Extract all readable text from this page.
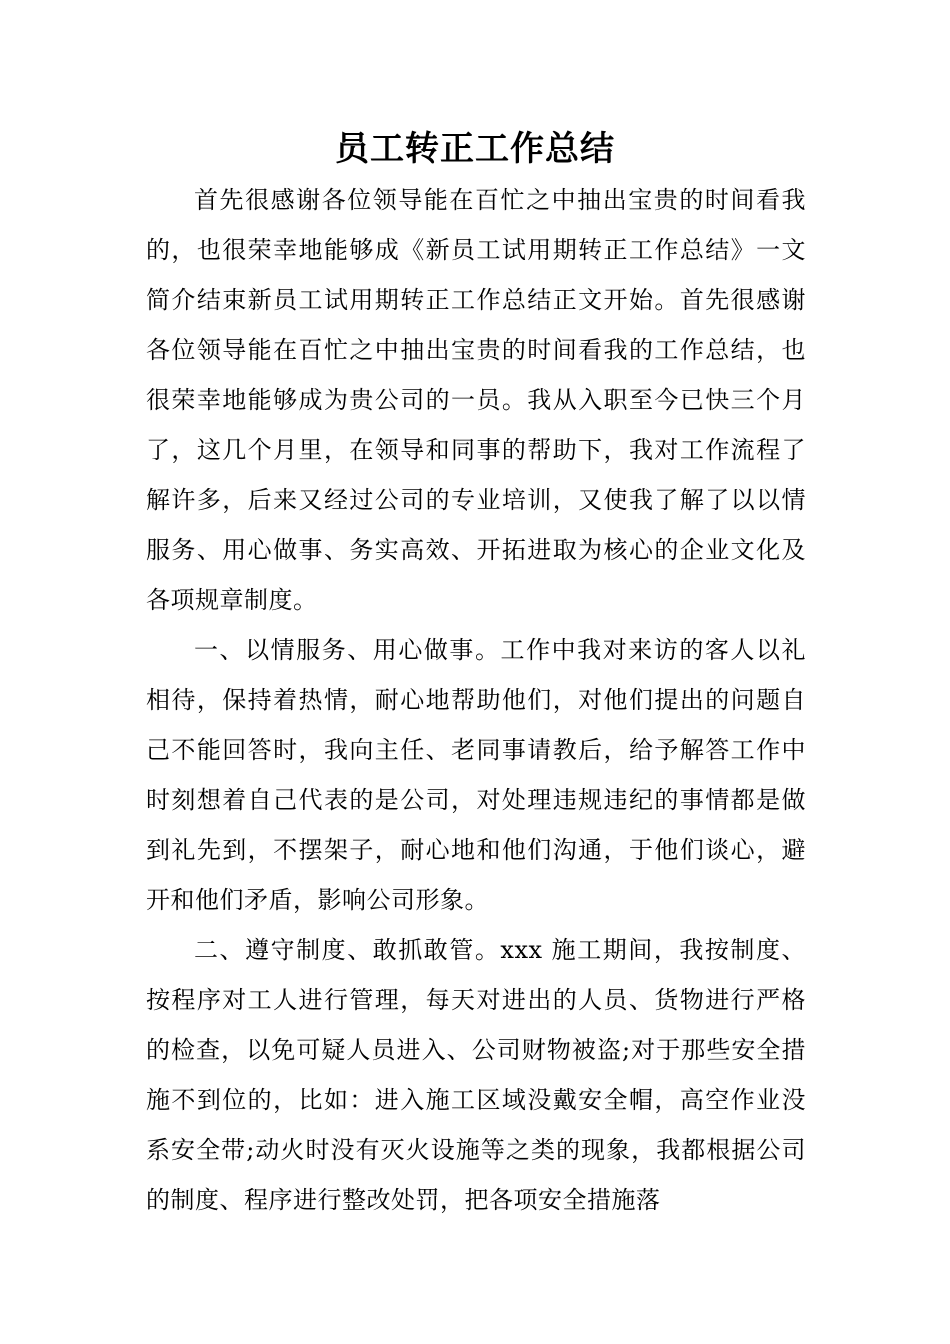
员工转正工作总结

首先很感谢各位领导能在百忙之中抽出宝贵的时间看我的，也很荣幸地能够成《新员工试用期转正工作总结》一文简介结束新员工试用期转正工作总结正文开始。首先很感谢各位领导能在百忙之中抽出宝贵的时间看我的工作总结，也很荣幸地能够成为贵公司的一员。我从入职至今已快三个月了，这几个月里，在领导和同事的帮助下，我对工作流程了解许多，后来又经过公司的专业培训，又使我了解了以以情服务、用心做事、务实高效、开拓进取为核心的企业文化及各项规章制度。

一、以情服务、用心做事。工作中我对来访的客人以礼相待，保持着热情，耐心地帮助他们，对他们提出的问题自己不能回答时，我向主任、老同事请教后，给予解答工作中时刻想着自己代表的是公司，对处理违规违纪的事情都是做到礼先到，不摆架子，耐心地和他们沟通，于他们谈心，避开和他们矛盾，影响公司形象。

二、遵守制度、敢抓敢管。xxx 施工期间，我按制度、按程序对工人进行管理，每天对进出的人员、货物进行严格的检查，以免可疑人员进入、公司财物被盗;对于那些安全措施不到位的，比如：进入施工区域没戴安全帽，高空作业没系安全带;动火时没有灭火设施等之类的现象，我都根据公司的制度、程序进行整改处罚，把各项安全措施落
